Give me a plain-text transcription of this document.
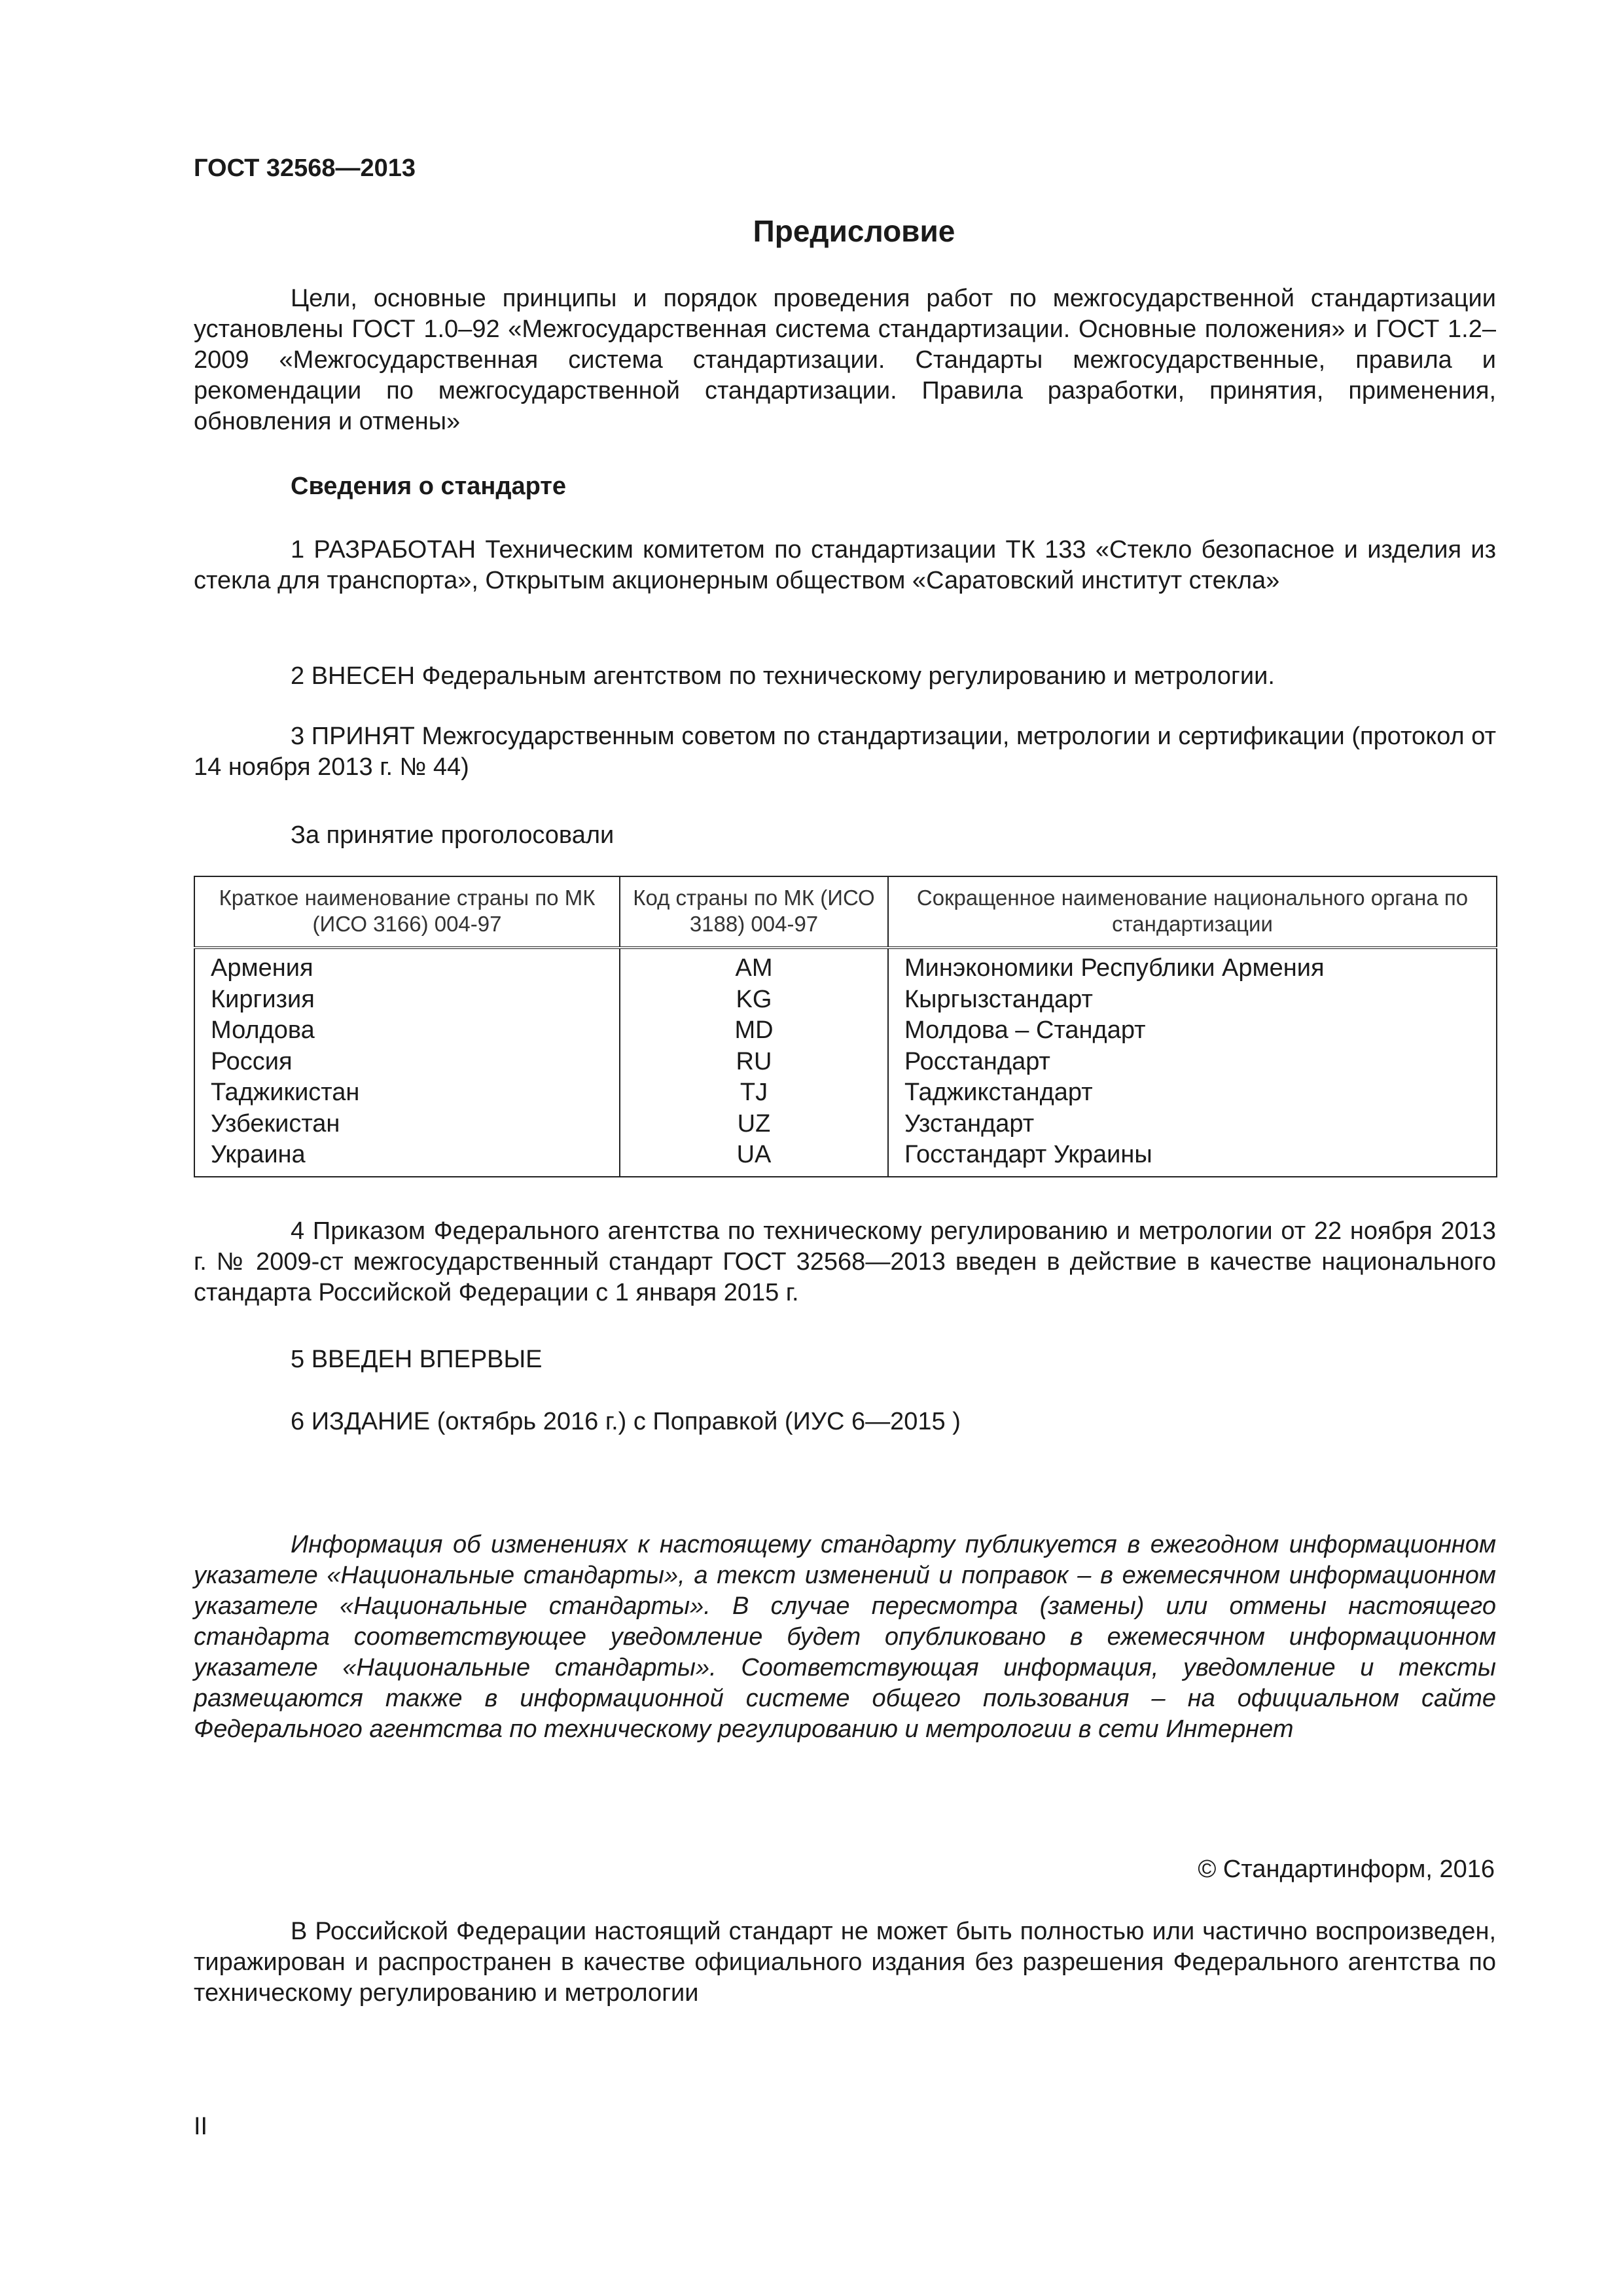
ГОСТ 32568—2013
Предисловие

Цели, основные принципы и порядок проведения работ по межгосударственной стандартизации установлены ГОСТ 1.0–92 «Межгосударственная система стандартизации. Основные положения» и ГОСТ 1.2–2009 «Межгосударственная система стандартизации. Стандарты межгосударственные, правила и рекомендации по межгосударственной стандартизации. Правила разработки, принятия, применения, обновления и отмены»

Сведения о стандарте

1 РАЗРАБОТАН Техническим комитетом по стандартизации ТК 133 «Стекло безопасное и изделия из стекла для транспорта», Открытым акционерным обществом «Саратовский институт стекла»

2 ВНЕСЕН Федеральным агентством по техническому регулированию и метрологии.

3 ПРИНЯТ Межгосударственным советом по стандартизации, метрологии и сертификации (протокол от 14 ноября 2013 г. № 44)

За принятие проголосовали
Краткое наименование страны по МК (ИСО 3166) 004-97	Код страны по МК (ИСО 3188) 004-97	Сокращенное наименование национального органа по стандартизации
Армения	AM	Минэкономики Республики Армения
Киргизия	KG	Кыргызстандарт
Молдова	MD	Молдова – Стандарт
Россия	RU	Росстандарт
Таджикистан	TJ	Таджикстандарт
Узбекистан	UZ	Узстандарт
Украина	UA	Госстандарт Украины

4 Приказом Федерального агентства по техническому регулированию и метрологии от 22 ноября 2013 г. № 2009-ст межгосударственный стандарт ГОСТ 32568—2013 введен в действие в качестве национального стандарта Российской Федерации с 1 января 2015 г.

5 ВВЕДЕН ВПЕРВЫЕ

6 ИЗДАНИЕ (октябрь 2016 г.) с Поправкой (ИУС 6—2015 )

Информация об изменениях к настоящему стандарту публикуется в ежегодном информационном указателе «Национальные стандарты», а текст изменений и поправок – в ежемесячном информационном указателе «Национальные стандарты». В случае пересмотра (замены) или отмены настоящего стандарта соответствующее уведомление будет опубликовано в ежемесячном информационном указателе «Национальные стандарты». Соответствующая информация, уведомление и тексты размещаются также в информационной системе общего пользования – на официальном сайте Федерального агентства по техническому регулированию и метрологии в сети Интернет

© Стандартинформ, 2016

В Российской Федерации настоящий стандарт не может быть полностью или частично воспроизведен, тиражирован и распространен в качестве официального издания без разрешения Федерального агентства по техническому регулированию и метрологии

II
